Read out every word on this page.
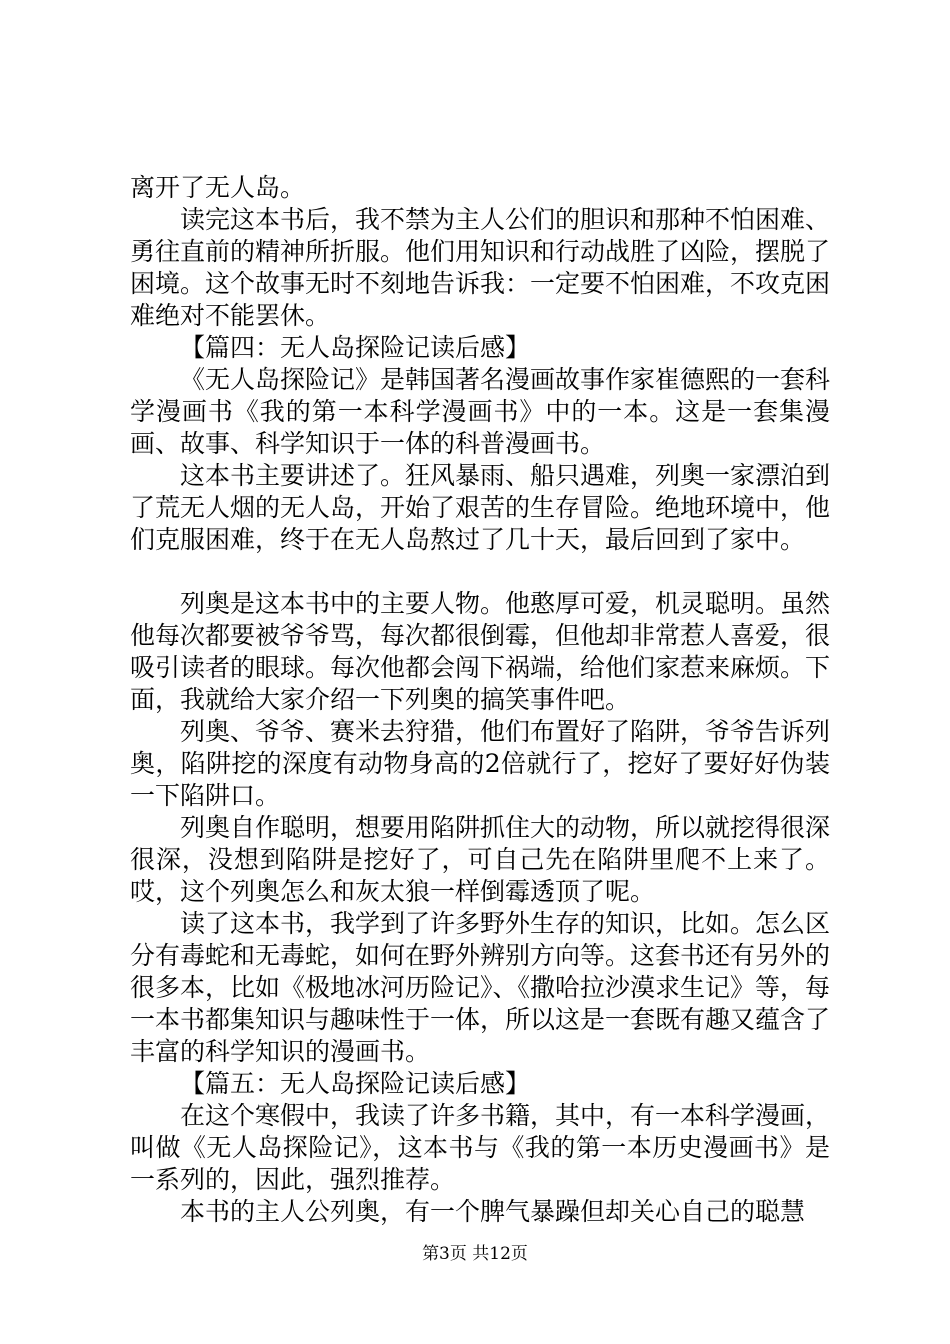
离开了无人岛。

读完这本书后，我不禁为主人公们的胆识和那种不怕困难、勇往直前的精神所折服。他们用知识和行动战胜了凶险，摆脱了困境。这个故事无时不刻地告诉我：一定要不怕困难，不攻克困难绝对不能罢休。

【篇四：无人岛探险记读后感】

《无人岛探险记》是韩国著名漫画故事作家崔德熙的一套科学漫画书《我的第一本科学漫画书》中的一本。这是一套集漫画、故事、科学知识于一体的科普漫画书。

这本书主要讲述了。狂风暴雨、船只遇难，列奥一家漂泊到了荒无人烟的无人岛，开始了艰苦的生存冒险。绝地环境中，他们克服困难，终于在无人岛熬过了几十天，最后回到了家中。

列奥是这本书中的主要人物。他憨厚可爱，机灵聪明。虽然他每次都要被爷爷骂，每次都很倒霉，但他却非常惹人喜爱，很吸引读者的眼球。每次他都会闯下祸端，给他们家惹来麻烦。下面，我就给大家介绍一下列奥的搞笑事件吧。

列奥、爷爷、赛米去狩猎，他们布置好了陷阱，爷爷告诉列奥，陷阱挖的深度有动物身高的2倍就行了，挖好了要好好伪装一下陷阱口。

列奥自作聪明，想要用陷阱抓住大的动物，所以就挖得很深很深，没想到陷阱是挖好了，可自己先在陷阱里爬不上来了。哎，这个列奥怎么和灰太狼一样倒霉透顶了呢。

读了这本书，我学到了许多野外生存的知识，比如。怎么区分有毒蛇和无毒蛇，如何在野外辨别方向等。这套书还有另外的很多本，比如《极地冰河历险记》、《撒哈拉沙漠求生记》等，每一本书都集知识与趣味性于一体，所以这是一套既有趣又蕴含了丰富的科学知识的漫画书。

【篇五：无人岛探险记读后感】

在这个寒假中，我读了许多书籍，其中，有一本科学漫画，叫做《无人岛探险记》，这本书与《我的第一本历史漫画书》是一系列的，因此，强烈推荐。

本书的主人公列奥，有一个脾气暴躁但却关心自己的聪慧

第3页 共12页
